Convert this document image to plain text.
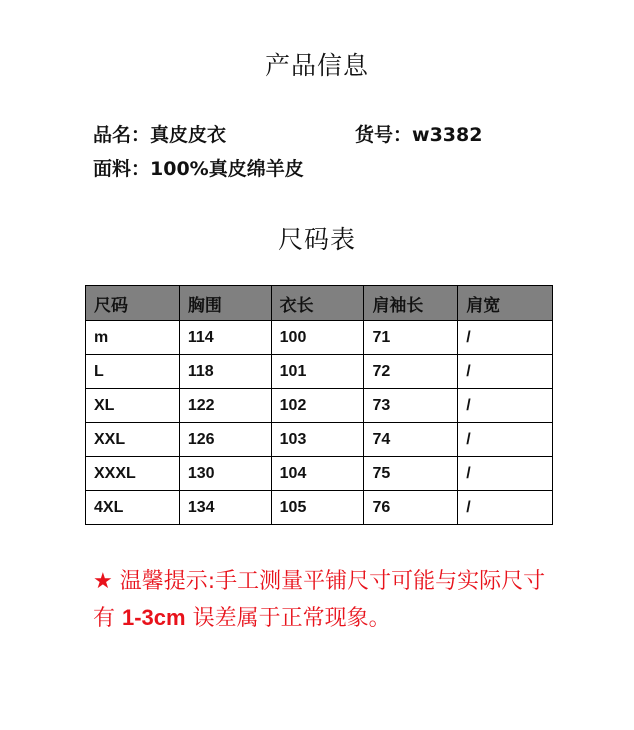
产品信息
品名：真皮皮衣	货号：w3382
面料：100%真皮绵羊皮
尺码表
尺码	胸围	衣长	肩袖长	肩宽
m	114	100	71	/
L	118	101	72	/
XL	122	102	73	/
XXL	126	103	74	/
XXXL	130	104	75	/
4XL	134	105	76	/
★ 温馨提示:手工测量平铺尺寸可能与实际尺寸有 1-3cm 误差属于正常现象。
